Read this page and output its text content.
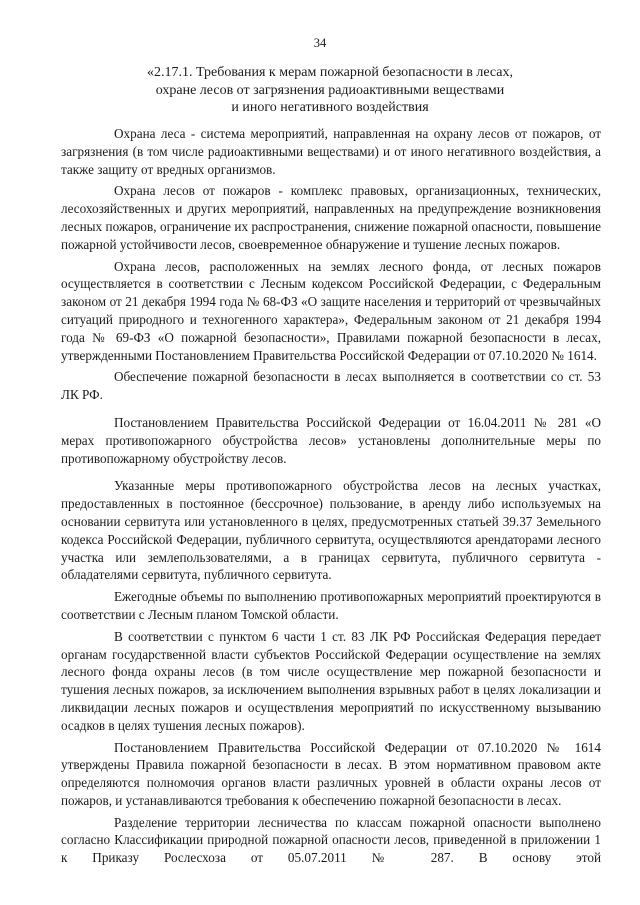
34
«2.17.1. Требования к мерам пожарной безопасности в лесах,
охране лесов от загрязнения радиоактивными веществами
и иного негативного воздействия

Охрана леса - система мероприятий, направленная на охрану лесов от пожаров, от загрязнения (в том числе радиоактивными веществами) и от иного негативного воздействия, а также защиту от вредных организмов.

Охрана лесов от пожаров - комплекс правовых, организационных, технических, лесохозяйственных и других мероприятий, направленных на предупреждение возникновения лесных пожаров, ограничение их распространения, снижение пожарной опасности, повышение пожарной устойчивости лесов, своевременное обнаружение и тушение лесных пожаров.

Охрана лесов, расположенных на землях лесного фонда, от лесных пожаров осуществляется в соответствии с Лесным кодексом Российской Федерации, с Федеральным законом от 21 декабря 1994 года № 68-ФЗ «О защите населения и территорий от чрезвычайных ситуаций природного и техногенного характера», Федеральным законом от 21 декабря 1994 года № 69-ФЗ «О пожарной безопасности», Правилами пожарной безопасности в лесах, утвержденными Постановлением Правительства Российской Федерации от 07.10.2020 № 1614.

Обеспечение пожарной безопасности в лесах выполняется в соответствии со ст. 53 ЛК РФ.

Постановлением Правительства Российской Федерации от 16.04.2011 № 281 «О мерах противопожарного обустройства лесов» установлены дополнительные меры по противопожарному обустройству лесов.

Указанные меры противопожарного обустройства лесов на лесных участках, предоставленных в постоянное (бессрочное) пользование, в аренду либо используемых на основании сервитута или установленного в целях, предусмотренных статьей 39.37 Земельного кодекса Российской Федерации, публичного сервитута, осуществляются арендаторами лесного участка или землепользователями, а в границах сервитута, публичного сервитута - обладателями сервитута, публичного сервитута.

Ежегодные объемы по выполнению противопожарных мероприятий проектируются в соответствии с Лесным планом Томской области.

В соответствии с пунктом 6 части 1 ст. 83 ЛК РФ Российская Федерация передает органам государственной власти субъектов Российской Федерации осуществление на землях лесного фонда охраны лесов (в том числе осуществление мер пожарной безопасности и тушения лесных пожаров, за исключением выполнения взрывных работ в целях локализации и ликвидации лесных пожаров и осуществления мероприятий по искусственному вызыванию осадков в целях тушения лесных пожаров).

Постановлением Правительства Российской Федерации от 07.10.2020 № 1614 утверждены Правила пожарной безопасности в лесах. В этом нормативном правовом акте определяются полномочия органов власти различных уровней в области охраны лесов от пожаров, и устанавливаются требования к обеспечению пожарной безопасности в лесах.

Разделение территории лесничества по классам пожарной опасности выполнено согласно Классификации природной пожарной опасности лесов, приведенной в приложении 1 к Приказу Рослесхоза от 05.07.2011 № 287. В основу этой
